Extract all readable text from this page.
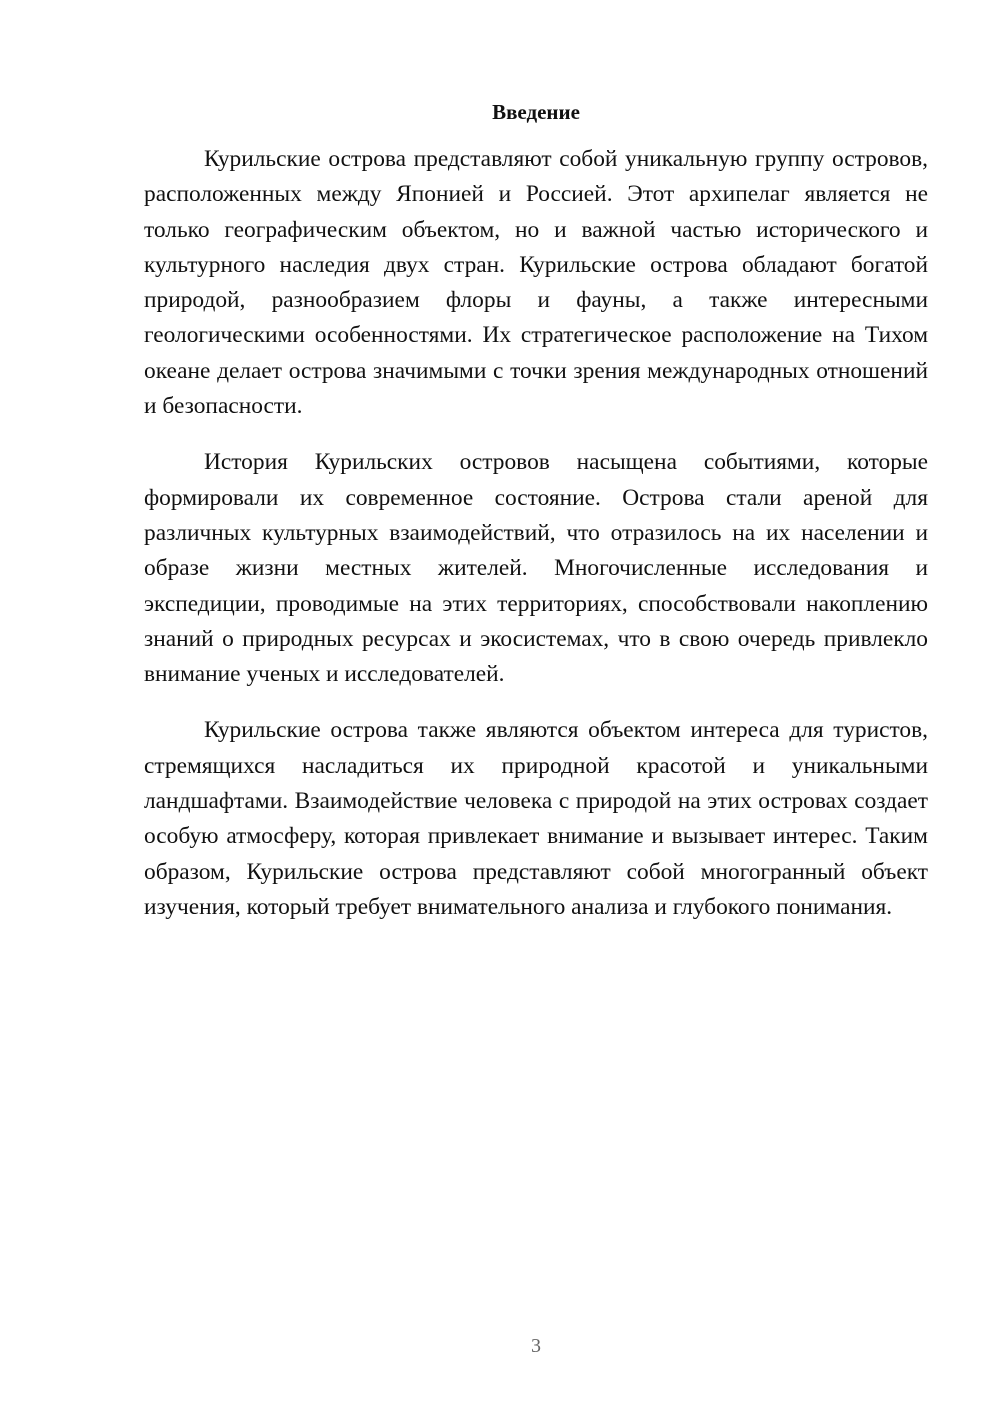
Введение

Курильские острова представляют собой уникальную группу островов, расположенных между Японией и Россией. Этот архипелаг является не только географическим объектом, но и важной частью исторического и культурного наследия двух стран. Курильские острова обладают богатой природой, разнообразием флоры и фауны, а также интересными геологическими особенностями. Их стратегическое расположение на Тихом океане делает острова значимыми с точки зрения международных отношений и безопасности.

История Курильских островов насыщена событиями, которые формировали их современное состояние. Острова стали ареной для различных культурных взаимодействий, что отразилось на их населении и образе жизни местных жителей. Многочисленные исследования и экспедиции, проводимые на этих территориях, способствовали накоплению знаний о природных ресурсах и экосистемах, что в свою очередь привлекло внимание ученых и исследователей.

Курильские острова также являются объектом интереса для туристов, стремящихся насладиться их природной красотой и уникальными ландшафтами. Взаимодействие человека с природой на этих островах создает особую атмосферу, которая привлекает внимание и вызывает интерес. Таким образом, Курильские острова представляют собой многогранный объект изучения, который требует внимательного анализа и глубокого понимания.

3
